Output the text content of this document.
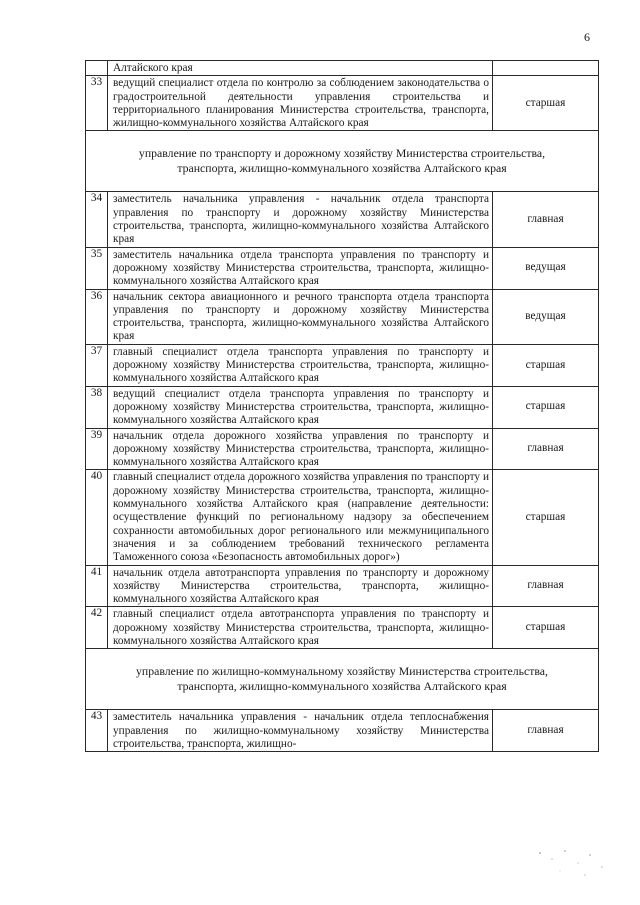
6
	Алтайского края	
33	ведущий специалист отдела по контролю за соблюдением законодательства о градостроительной деятельности управления строительства и территориального планирования Министерства строительства, транспорта, жилищно-коммунального хозяйства Алтайского края	старшая

управление по транспорту и дорожному хозяйству Министерства строительства, транспорта, жилищно-коммунального хозяйства Алтайского края		

34	заместитель начальника управления - начальник отдела транспорта управления по транспорту и дорожному хозяйству Министерства строительства, транспорта, жилищно-коммунального хозяйства Алтайского края	главная
35	заместитель начальника отдела транспорта управления по транспорту и дорожному хозяйству Министерства строительства, транспорта, жилищно-коммунального хозяйства Алтайского края	ведущая
36	начальник сектора авиационного и речного транспорта отдела транспорта управления по транспорту и дорожному хозяйству Министерства строительства, транспорта, жилищно-коммунального хозяйства Алтайского края	ведущая
37	главный специалист отдела транспорта управления по транспорту и дорожному хозяйству Министерства строительства, транспорта, жилищно-коммунального хозяйства Алтайского края	старшая
38	ведущий специалист отдела транспорта управления по транспорту и дорожному хозяйству Министерства строительства, транспорта, жилищно-коммунального хозяйства Алтайского края	старшая
39	начальник отдела дорожного хозяйства управления по транспорту и дорожному хозяйству Министерства строительства, транспорта, жилищно-коммунального хозяйства Алтайского края	главная
40	главный специалист отдела дорожного хозяйства управления по транспорту и дорожному хозяйству Министерства строительства, транспорта, жилищно-коммунального хозяйства Алтайского края (направление деятельности: осуществление функций по региональному надзору за обеспечением сохранности автомобильных дорог регионального или межмуниципального значения и за соблюдением требований технического регламента Таможенного союза «Безопасность автомобильных дорог»)	старшая
41	начальник отдела автотранспорта управления по транспорту и дорожному хозяйству Министерства строительства, транспорта, жилищно-коммунального хозяйства Алтайского края	главная
42	главный специалист отдела автотранспорта управления по транспорту и дорожному хозяйству Министерства строительства, транспорта, жилищно-коммунального хозяйства Алтайского края	старшая

управление по жилищно-коммунальному хозяйству Министерства строительства, транспорта, жилищно-коммунального хозяйства Алтайского края		

43	заместитель начальника управления - начальник отдела теплоснабжения управления по жилищно-коммунальному хозяйству Министерства строительства, транспорта, жилищно-	главная
